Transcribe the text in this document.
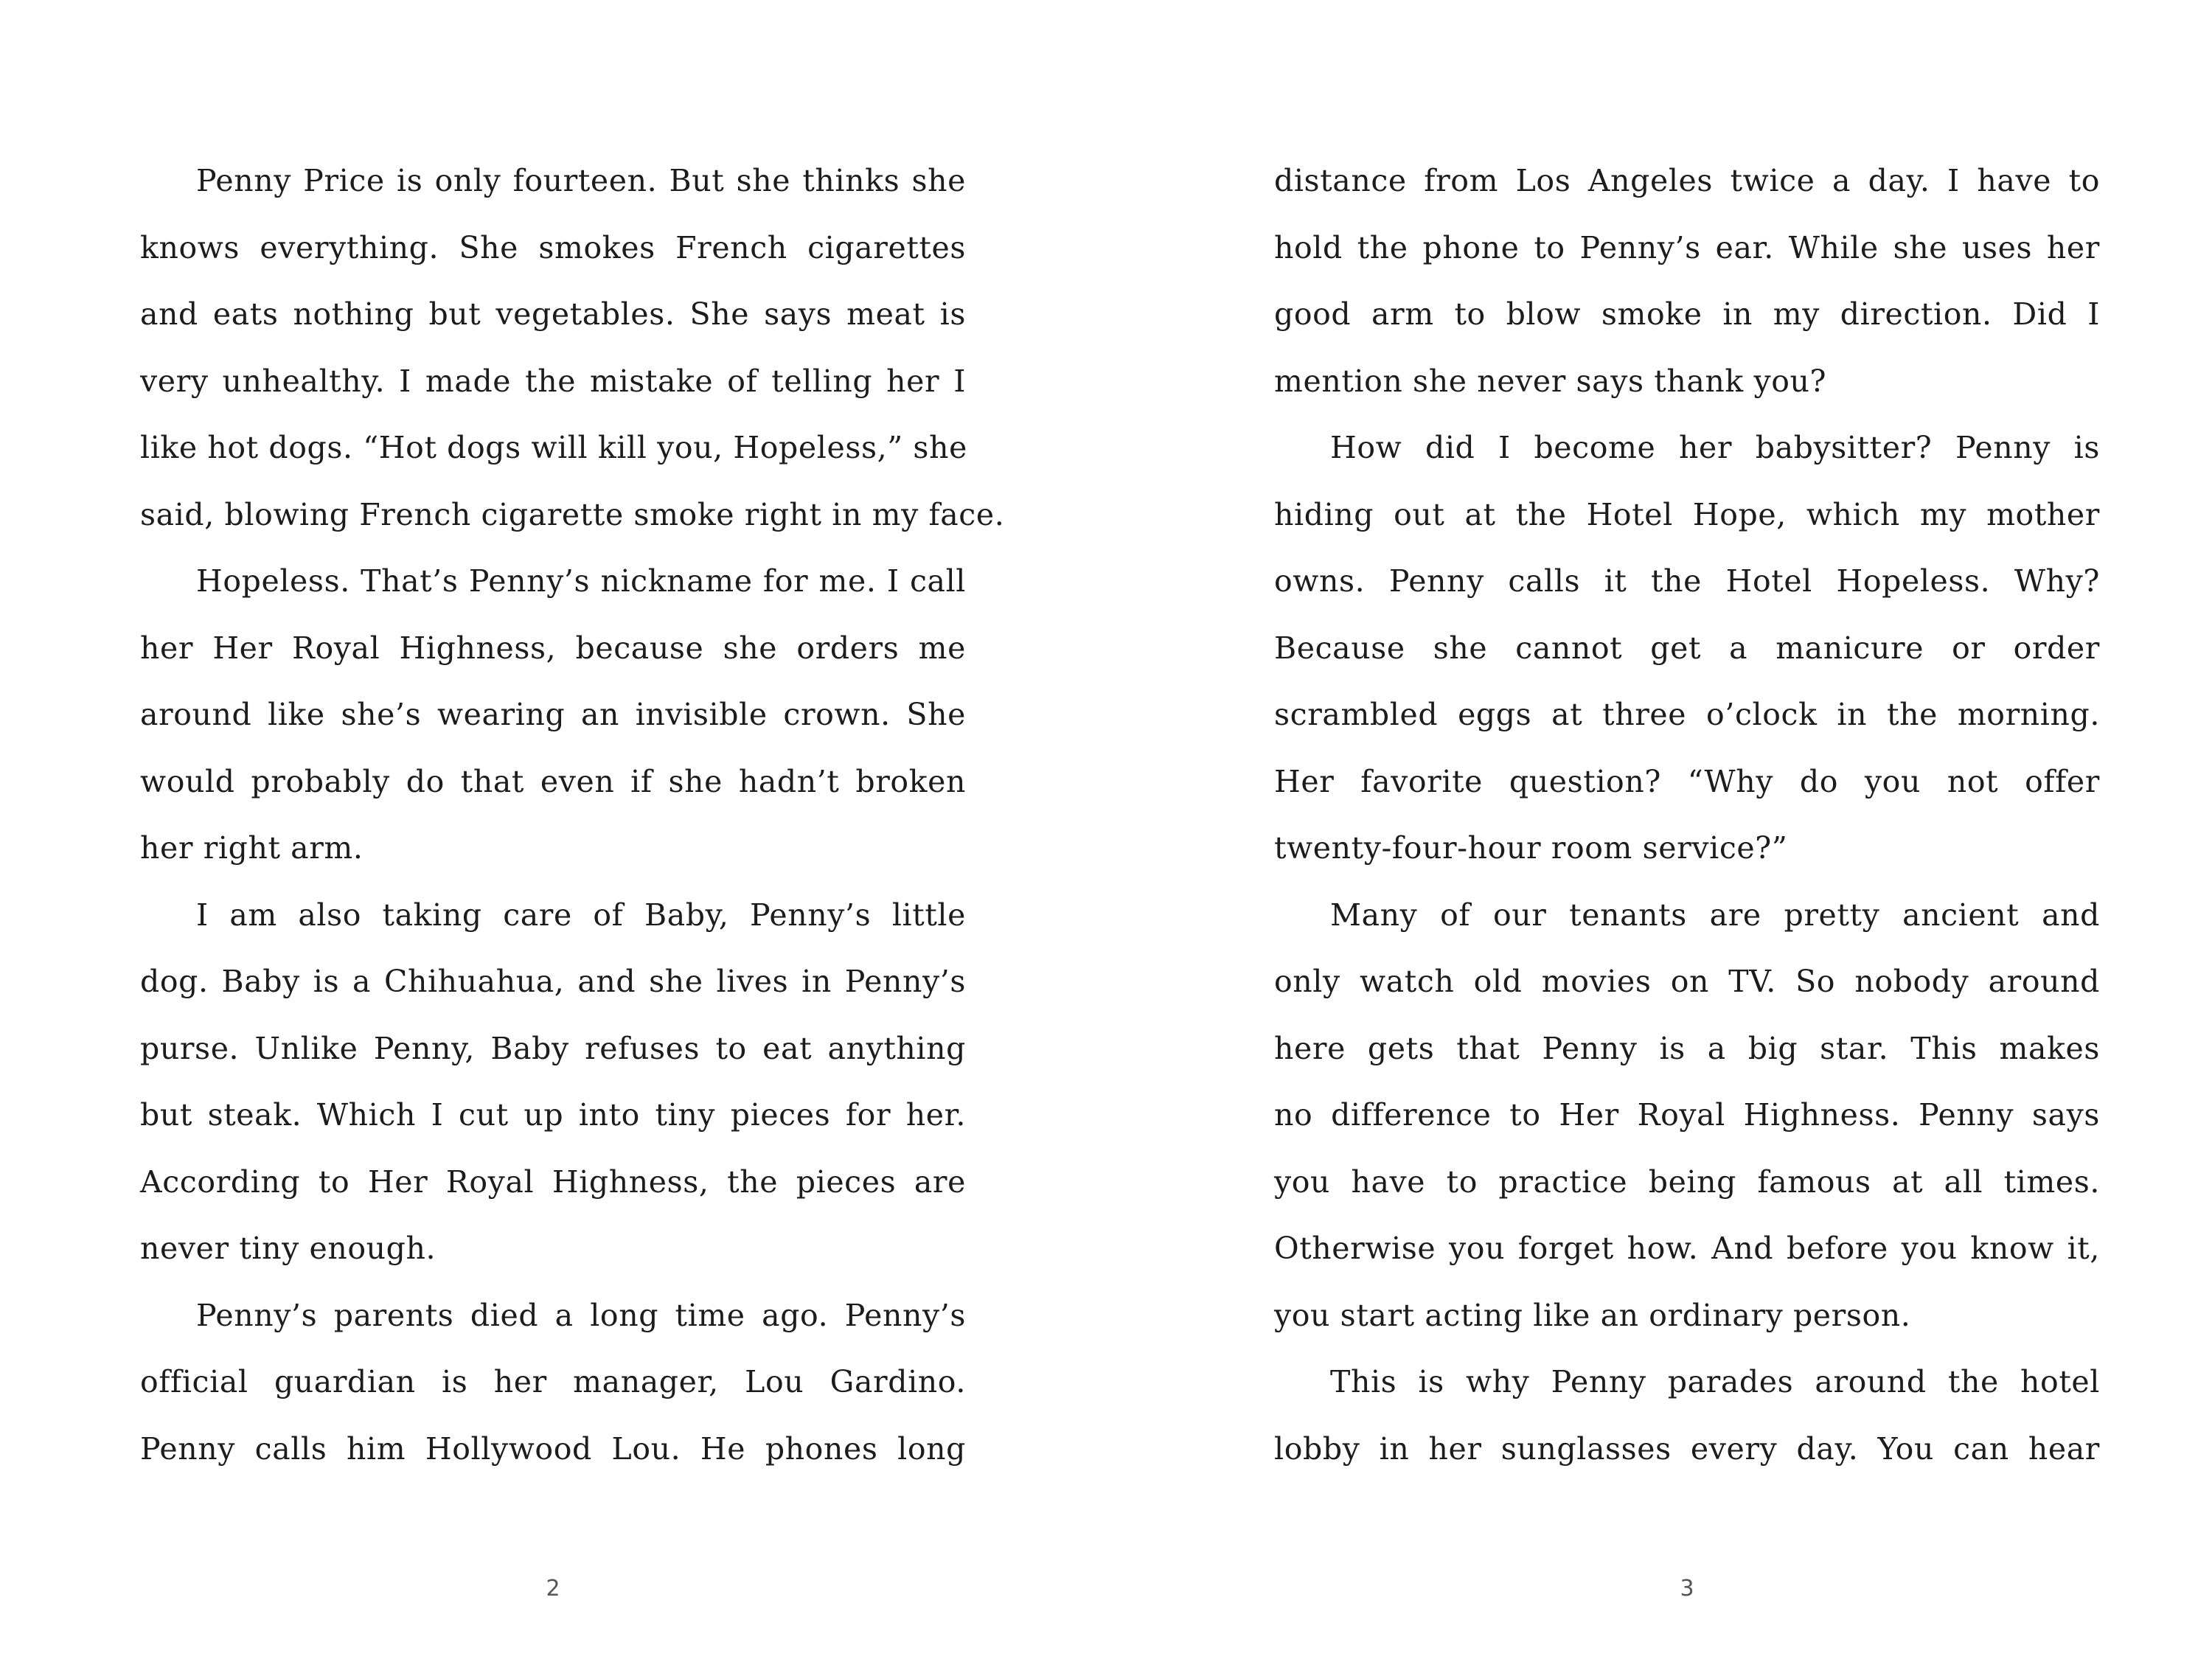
Penny Price is only fourteen. But she thinks she
knows everything. She smokes French cigarettes
and eats nothing but vegetables. She says meat is
very unhealthy. I made the mistake of telling her I
like hot dogs. “Hot dogs will kill you, Hopeless,” she
said, blowing French cigarette smoke right in my face.
Hopeless. That’s Penny’s nickname for me. I call
her Her Royal Highness, because she orders me
around like she’s wearing an invisible crown. She
would probably do that even if she hadn’t broken
her right arm.
I am also taking care of Baby, Penny’s little
dog. Baby is a Chihuahua, and she lives in Penny’s
purse. Unlike Penny, Baby refuses to eat anything
but steak. Which I cut up into tiny pieces for her.
According to Her Royal Highness, the pieces are
never tiny enough.
Penny’s parents died a long time ago. Penny’s
official guardian is her manager, Lou Gardino.
Penny calls him Hollywood Lou. He phones long
2
distance from Los Angeles twice a day. I have to
hold the phone to Penny’s ear. While she uses her
good arm to blow smoke in my direction. Did I
mention she never says thank you?
How did I become her babysitter? Penny is
hiding out at the Hotel Hope, which my mother
owns. Penny calls it the Hotel Hopeless. Why?
Because she cannot get a manicure or order
scrambled eggs at three o’clock in the morning.
Her favorite question? “Why do you not offer
twenty-four-hour room service?”
Many of our tenants are pretty ancient and
only watch old movies on TV. So nobody around
here gets that Penny is a big star. This makes
no difference to Her Royal Highness. Penny says
you have to practice being famous at all times.
Otherwise you forget how. And before you know it,
you start acting like an ordinary person.
This is why Penny parades around the hotel
lobby in her sunglasses every day. You can hear
3
